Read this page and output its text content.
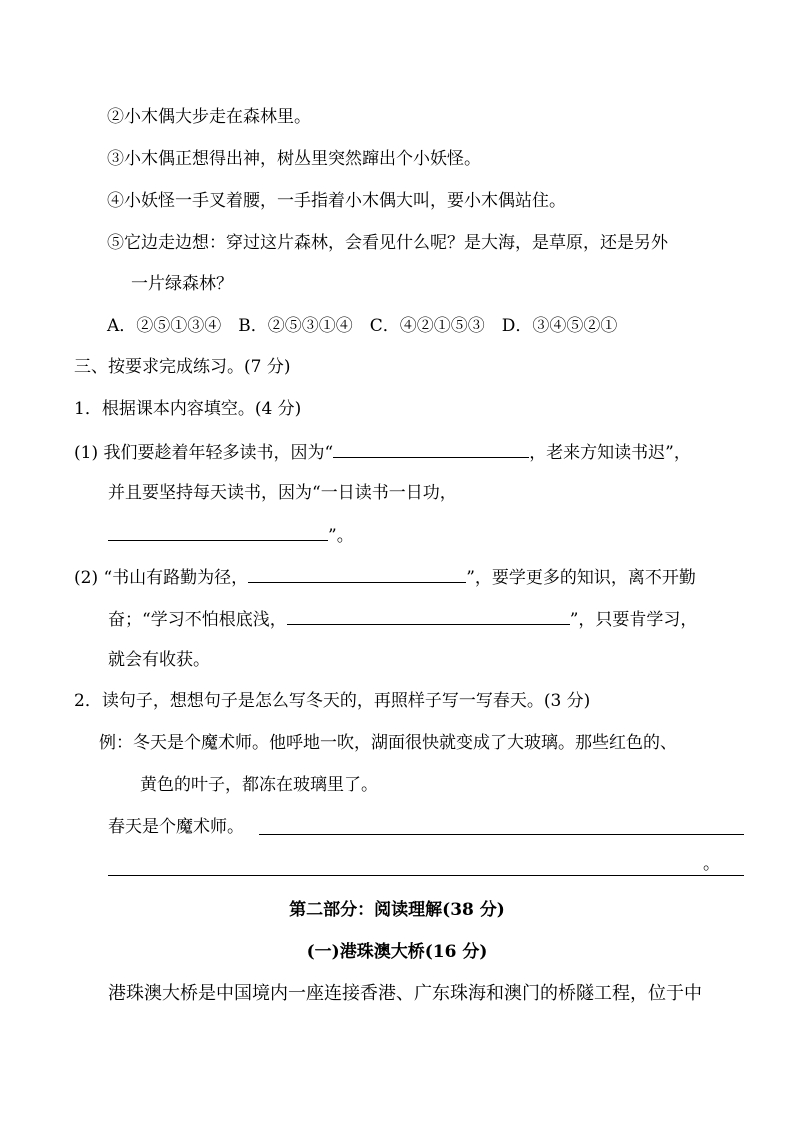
②小木偶大步走在森林里。
③小木偶正想得出神，树丛里突然蹿出个小妖怪。
④小妖怪一手叉着腰，一手指着小木偶大叫，要小木偶站住。
⑤它边走边想：穿过这片森林，会看见什么呢？是大海，是草原，还是另外
一片绿森林？
A．②⑤①③④　B．②⑤③①④　C．④②①⑤③　D．③④⑤②①
三、按要求完成练习。(7 分)
1．根据课本内容填空。(4 分)
(1) 我们要趁着年轻多读书，因为“	，老来方知读书迟”，
并且要坚持每天读书，因为“一日读书一日功，
”。
(2) “书山有路勤为径，	”，要学更多的知识，离不开勤
奋；“学习不怕根底浅，	”，只要肯学习，
就会有收获。
2．读句子，想想句子是怎么写冬天的，再照样子写一写春天。(3 分)
例：冬天是个魔术师。他呼地一吹，湖面很快就变成了大玻璃。那些红色的、
黄色的叶子，都冻在玻璃里了。
春天是个魔术师。
。
第二部分：阅读理解(38 分)
(一)港珠澳大桥(16 分)
港珠澳大桥是中国境内一座连接香港、广东珠海和澳门的桥隧工程，位于中
